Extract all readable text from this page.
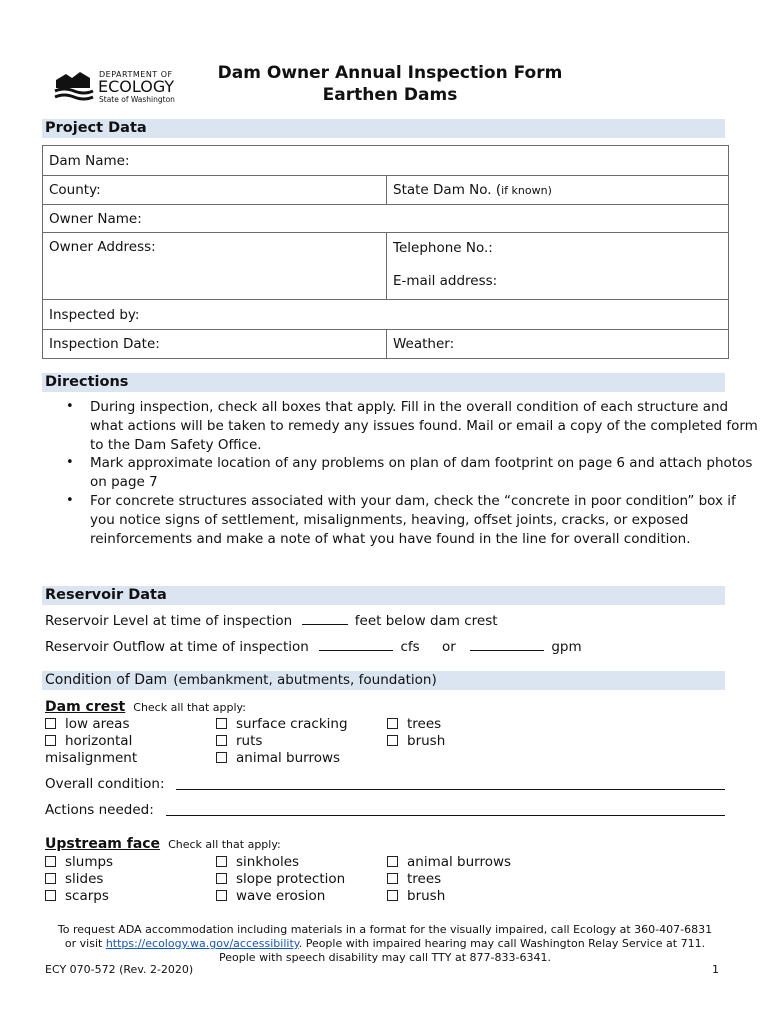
DEPARTMENT OF
ECOLOGY
State of Washington
Dam Owner Annual Inspection Form
Earthen Dams
Project Data
Dam Name:	
County:	State Dam No. (if known)
Owner Name:	
Owner Address:	Telephone No.:
E-mail address:

Inspected by:	
Inspection Date:	Weather:
Directions
• During inspection, check all boxes that apply. Fill in the overall condition of each structure and what actions will be taken to remedy any issues found. Mail or email a copy of the completed form to the Dam Safety Office.
• Mark approximate location of any problems on plan of dam footprint on page 6 and attach photos on page 7
• For concrete structures associated with your dam, check the “concrete in poor condition” box if you notice signs of settlement, misalignments, heaving, offset joints, cracks, or exposed reinforcements and make a note of what you have found in the line for overall condition.
Reservoir Data
Reservoir Level at time of inspection	feet below dam crest
Reservoir Outflow at time of inspection	cfs or	gpm
Condition of Dam (embankment, abutments, foundation)
Dam crest Check all that apply:
low areas
horizontal misalignment
surface cracking
ruts
animal burrows
trees
brush
Overall condition:
Actions needed:
Upstream face Check all that apply:
slumps
slides
scarps
sinkholes
slope protection
wave erosion
animal burrows
trees
brush
To request ADA accommodation including materials in a format for the visually impaired, call Ecology at 360-407-6831
or visit https://ecology.wa.gov/accessibility. People with impaired hearing may call Washington Relay Service at 711.
People with speech disability may call TTY at 877-833-6341.
ECY 070-572 (Rev. 2-2020)	1
